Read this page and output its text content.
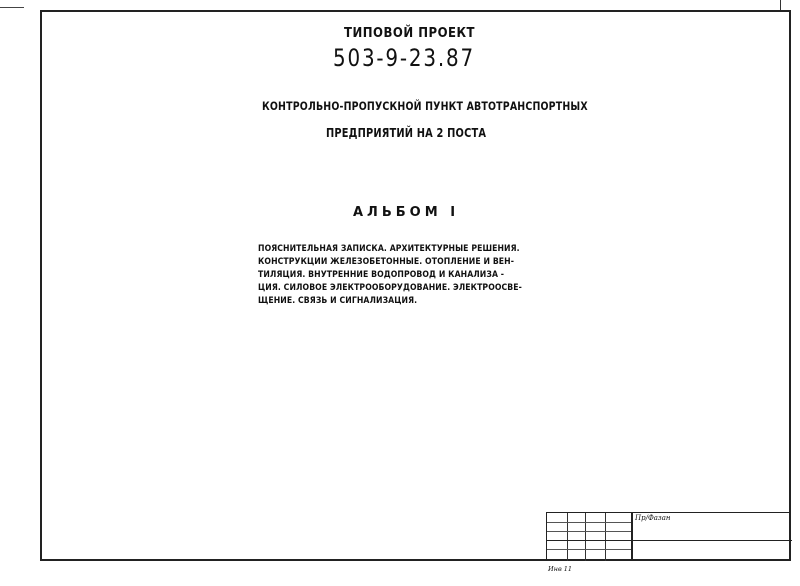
ТИПОВОЙ ПРОЕКТ
503-9-23.87
КОНТРОЛЬНО-ПРОПУСКНОЙ ПУНКТ АВТОТРАНСПОРТНЫХ
ПРЕДПРИЯТИЙ НА 2 ПОСТА
АЛЬБОМ I
ПОЯСНИТЕЛЬНАЯ ЗАПИСКА. АРХИТЕКТУРНЫЕ РЕШЕНИЯ.
КОНСТРУКЦИИ ЖЕЛЕЗОБЕТОННЫЕ. ОТОПЛЕНИЕ И ВЕН-
ТИЛЯЦИЯ. ВНУТРЕННИЕ ВОДОПРОВОД И КАНАЛИЗА -
ЦИЯ. СИЛОВОЕ ЭЛЕКТРООБОРУДОВАНИЕ. ЭЛЕКТРООСВЕ-
ЩЕНИЕ. СВЯЗЬ И СИГНАЛИЗАЦИЯ.
Пр/Фазан
Инв 11
